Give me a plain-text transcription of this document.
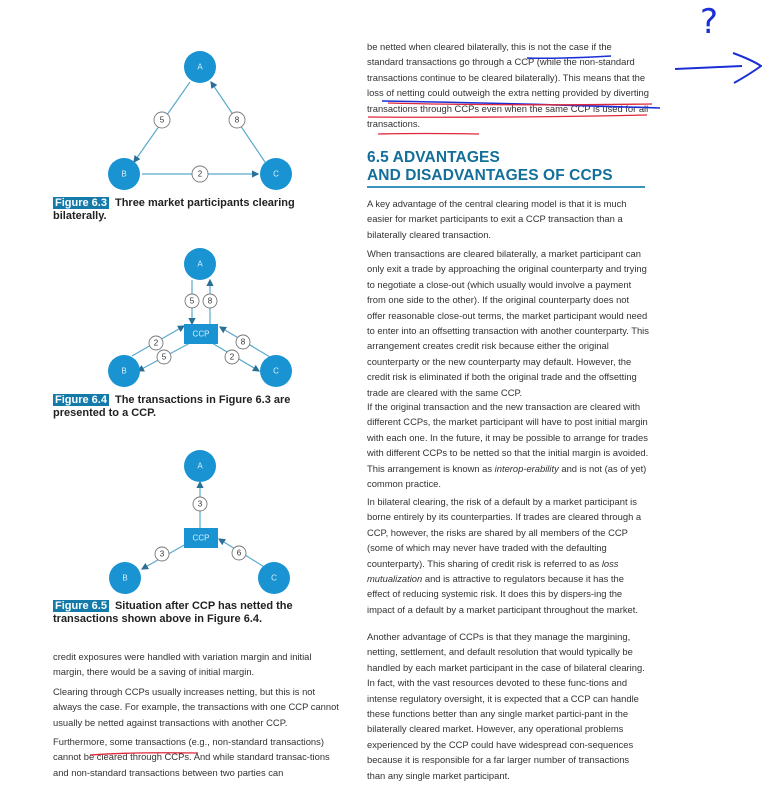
A
B	C
5	8
2
Figure 6.3 Three market participants clearing bilaterally.
A
CCP
B	C
5 8
2
5
8
2
Figure 6.4 The transactions in Figure 6.3 are presented to a CCP.
A
CCP
B	C
3
3	6
Figure 6.5 Situation after CCP has netted the transactions shown above in Figure 6.4.

credit exposures were handled with variation margin and initial margin, there would be a saving of initial margin.

Clearing through CCPs usually increases netting, but this is not always the case. For example, the transactions with one CCP cannot usually be netted against transactions with another CCP.

Furthermore, some transactions (e.g., non-standard transactions) cannot be cleared through CCPs. And while standard transac-tions and non-standard transactions between two parties can

be netted when cleared bilaterally, this is not the case if the standard transactions go through a CCP (while the non-standard transactions continue to be cleared bilaterally). This means that the loss of netting could outweigh the extra netting provided by diverting transactions through CCPs even when the same CCP is used for all transactions.

6.5 ADVANTAGES
AND DISADVANTAGES OF CCPS

A key advantage of the central clearing model is that it is much easier for market participants to exit a CCP transaction than a bilaterally cleared transaction.

When transactions are cleared bilaterally, a market participant can only exit a trade by approaching the original counterparty and trying to negotiate a close-out (which usually would involve a payment from one side to the other). If the original counterparty does not offer reasonable close-out terms, the market participant would need to enter into an offsetting transaction with another counterparty. This arrangement creates credit risk because either the original counterparty or the new counterparty may default. However, the credit risk is eliminated if both the original trade and the offsetting trade are cleared with the same CCP.

If the original transaction and the new transaction are cleared with different CCPs, the market participant will have to post initial margin with each one. In the future, it may be possible to arrange for trades with different CCPs to be netted so that the initial margin is avoided. This arrangement is known as interop-erability and is not (as of yet) common practice.

In bilateral clearing, the risk of a default by a market participant is borne entirely by its counterparties. If trades are cleared through a CCP, however, the risks are shared by all members of the CCP (some of which may never have traded with the defaulting counterparty). This sharing of credit risk is referred to as loss mutualization and is attractive to regulators because it has the effect of reducing systemic risk. It does this by dispers-ing the impact of a default by a market participant throughout the market.

Another advantage of CCPs is that they manage the margining, netting, settlement, and default resolution that would typically be handled by each market participant in the case of bilateral clearing. In fact, with the vast resources devoted to these func-tions and intense regulatory oversight, it is expected that a CCP can handle these functions better than any single market partici-pant in the bilaterally cleared market. However, any operational problems experienced by the CCP could have widespread con-sequences because it is responsible for a far larger number of transactions than any single market participant.

?
